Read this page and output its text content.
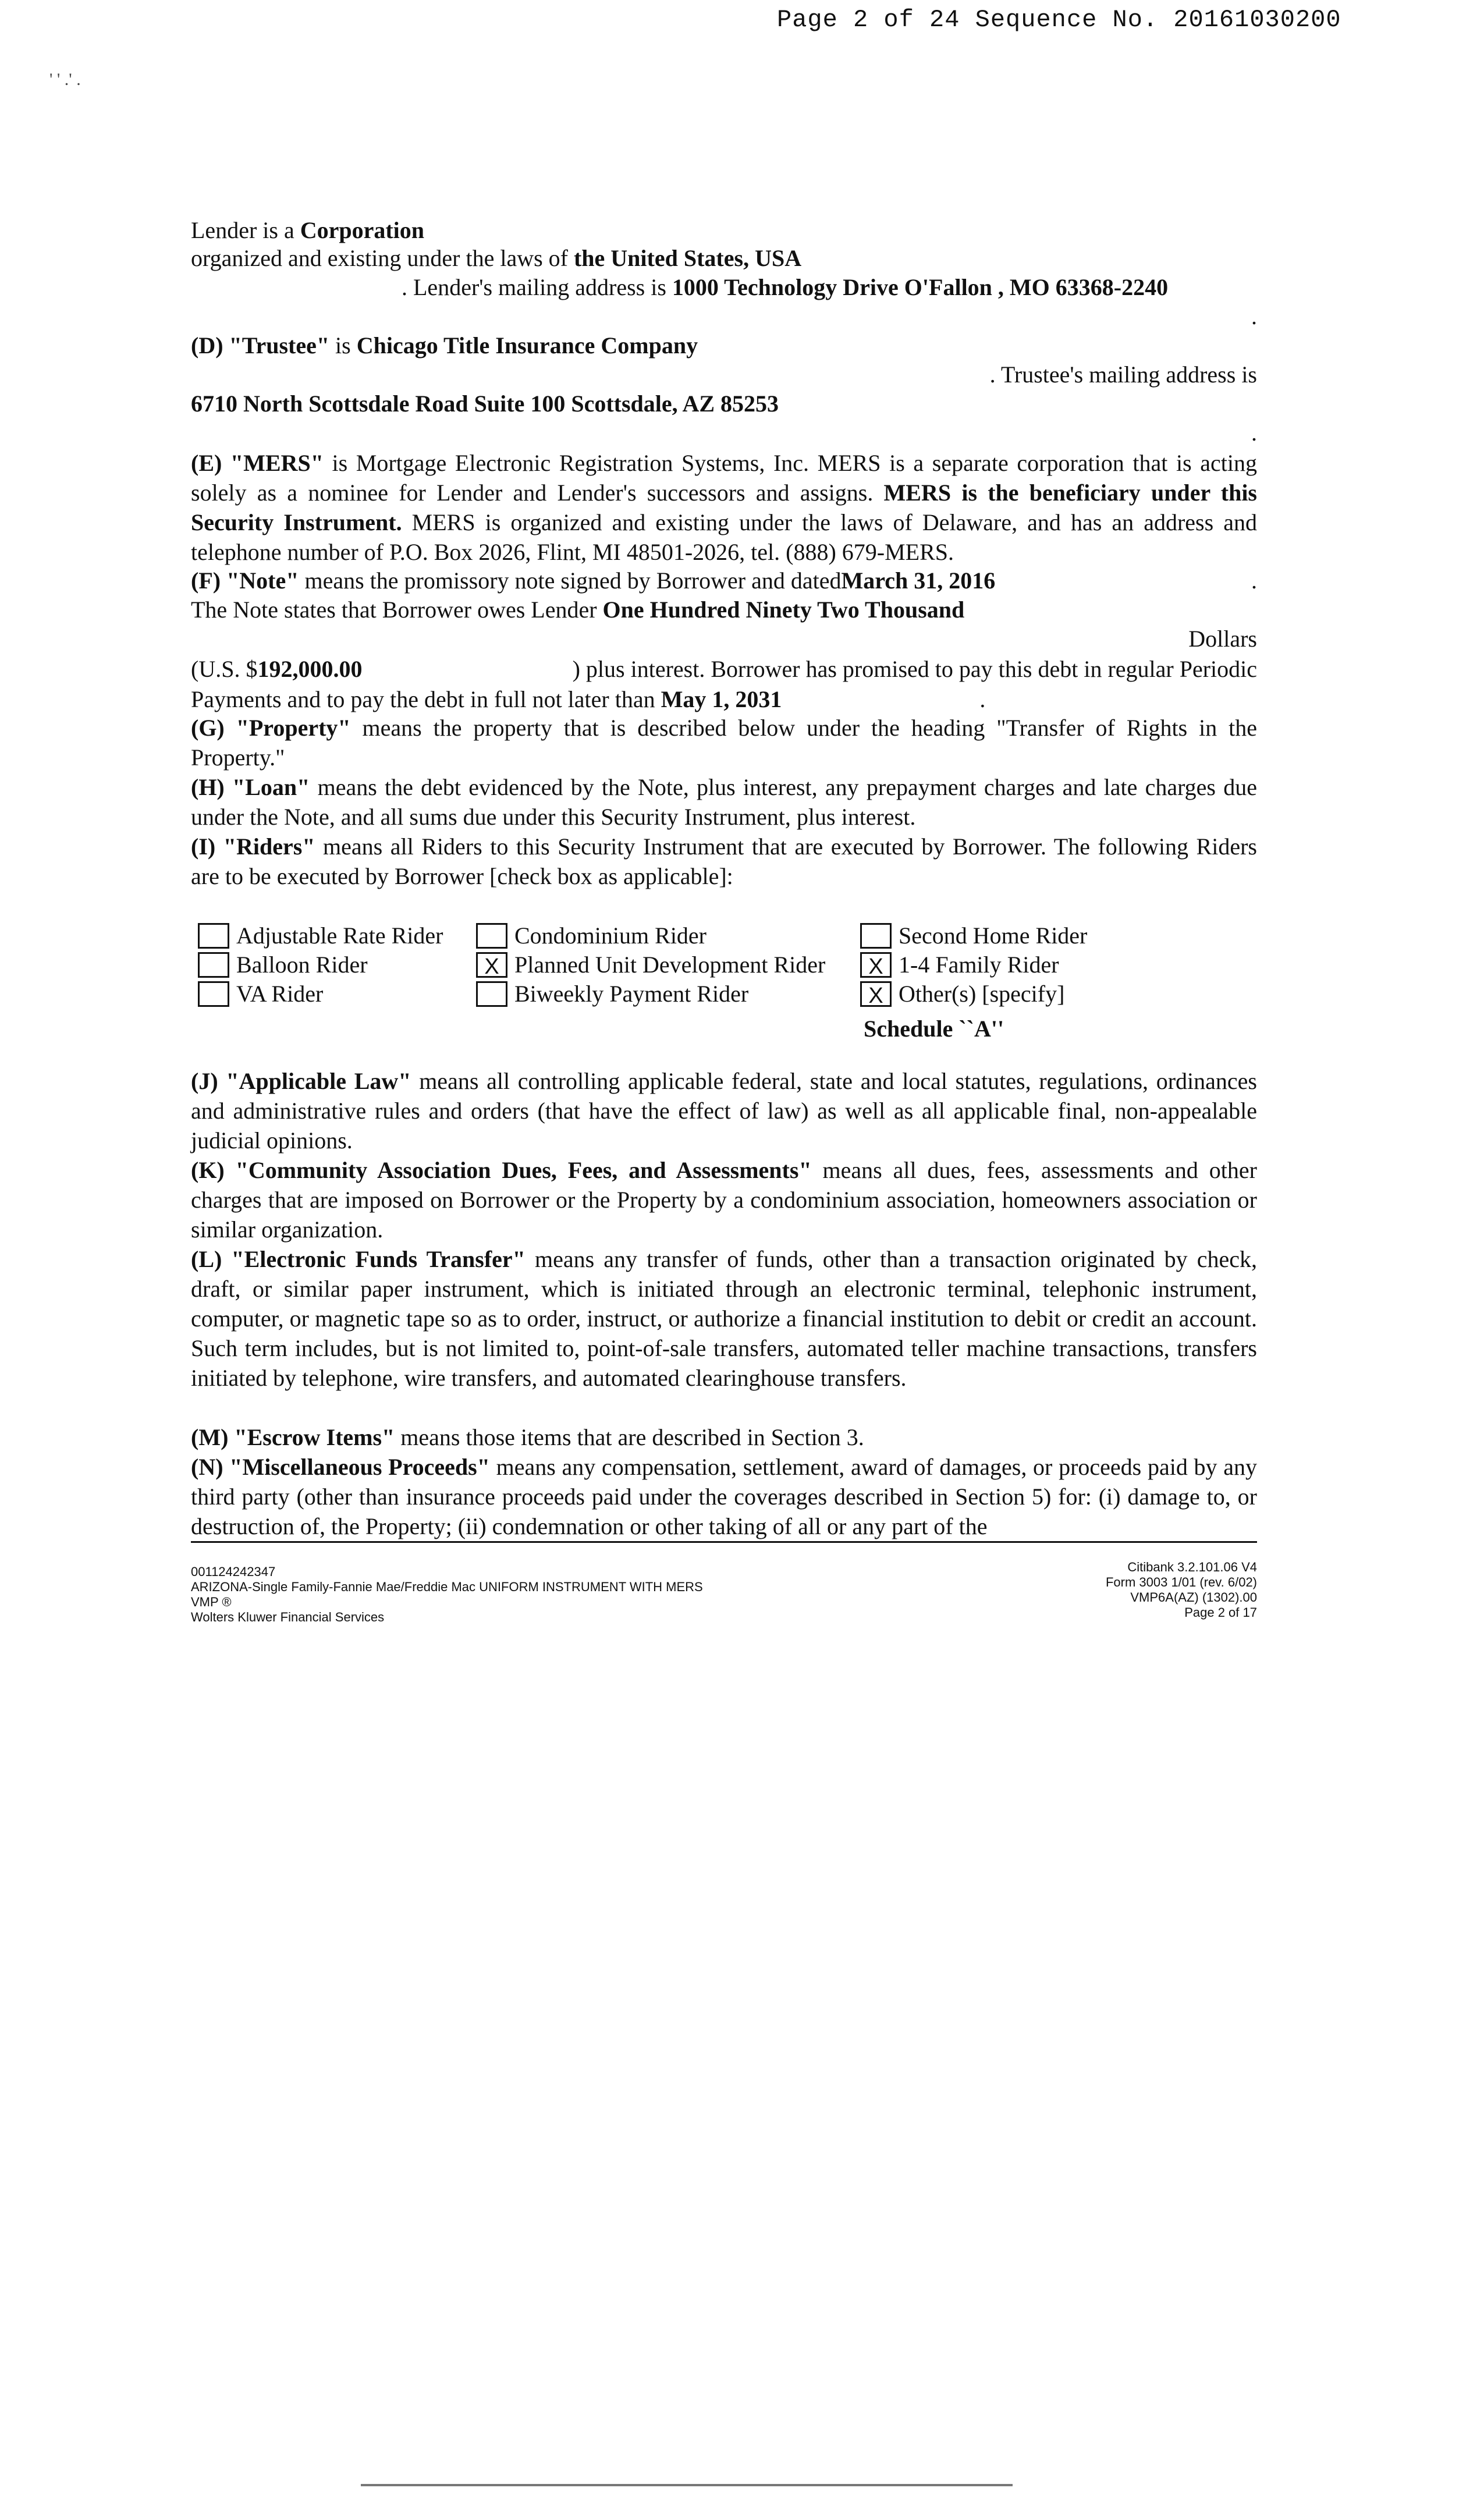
Page 2 of 24 Sequence No. 20161030200
' ' .' .
Lender is a Corporation
organized and existing under the laws of the United States, USA
. Lender's mailing address is 1000 Technology Drive O'Fallon , MO 63368-2240
.
(D) "Trustee" is Chicago Title Insurance Company
. Trustee's mailing address is
6710 North Scottsdale Road Suite 100 Scottsdale, AZ 85253
.
(E) "MERS" is Mortgage Electronic Registration Systems, Inc. MERS is a separate corporation that is acting solely as a nominee for Lender and Lender's successors and assigns. MERS is the beneficiary under this Security Instrument. MERS is organized and existing under the laws of Delaware, and has an address and telephone number of P.O. Box 2026, Flint, MI 48501-2026, tel. (888) 679-MERS.
(F) "Note" means the promissory note signed by Borrower and datedMarch 31, 2016	.
The Note states that Borrower owes Lender One Hundred Ninety Two Thousand
Dollars
(U.S. $192,000.00	) plus interest. Borrower has promised to pay this debt in regular Periodic
Payments and to pay the debt in full not later than May 1, 2031	.
(G) "Property" means the property that is described below under the heading "Transfer of Rights in the Property."
(H) "Loan" means the debt evidenced by the Note, plus interest, any prepayment charges and late charges due under the Note, and all sums due under this Security Instrument, plus interest.
(I) "Riders" means all Riders to this Security Instrument that are executed by Borrower. The following Riders are to be executed by Borrower [check box as applicable]:
Adjustable Rate Rider	Condominium Rider	Second Home Rider
Balloon Rider	X Planned Unit Development Rider	X 1-4 Family Rider
VA Rider	Biweekly Payment Rider	X Other(s) [specify]
Schedule ``A''
(J) "Applicable Law" means all controlling applicable federal, state and local statutes, regulations, ordinances and administrative rules and orders (that have the effect of law) as well as all applicable final, non-appealable judicial opinions.
(K) "Community Association Dues, Fees, and Assessments" means all dues, fees, assessments and other charges that are imposed on Borrower or the Property by a condominium association, homeowners association or similar organization.
(L) "Electronic Funds Transfer" means any transfer of funds, other than a transaction originated by check, draft, or similar paper instrument, which is initiated through an electronic terminal, telephonic instrument, computer, or magnetic tape so as to order, instruct, or authorize a financial institution to debit or credit an account. Such term includes, but is not limited to, point-of-sale transfers, automated teller machine transactions, transfers initiated by telephone, wire transfers, and automated clearinghouse transfers.
(M) "Escrow Items" means those items that are described in Section 3.
(N) "Miscellaneous Proceeds" means any compensation, settlement, award of damages, or proceeds paid by any third party (other than insurance proceeds paid under the coverages described in Section 5) for: (i) damage to, or destruction of, the Property; (ii) condemnation or other taking of all or any part of the
001124242347
ARIZONA-Single Family-Fannie Mae/Freddie Mac UNIFORM INSTRUMENT WITH MERS
VMP ®
Wolters Kluwer Financial Services
Citibank 3.2.101.06 V4
Form 3003 1/01 (rev. 6/02)
VMP6A(AZ) (1302).00
Page 2 of 17
